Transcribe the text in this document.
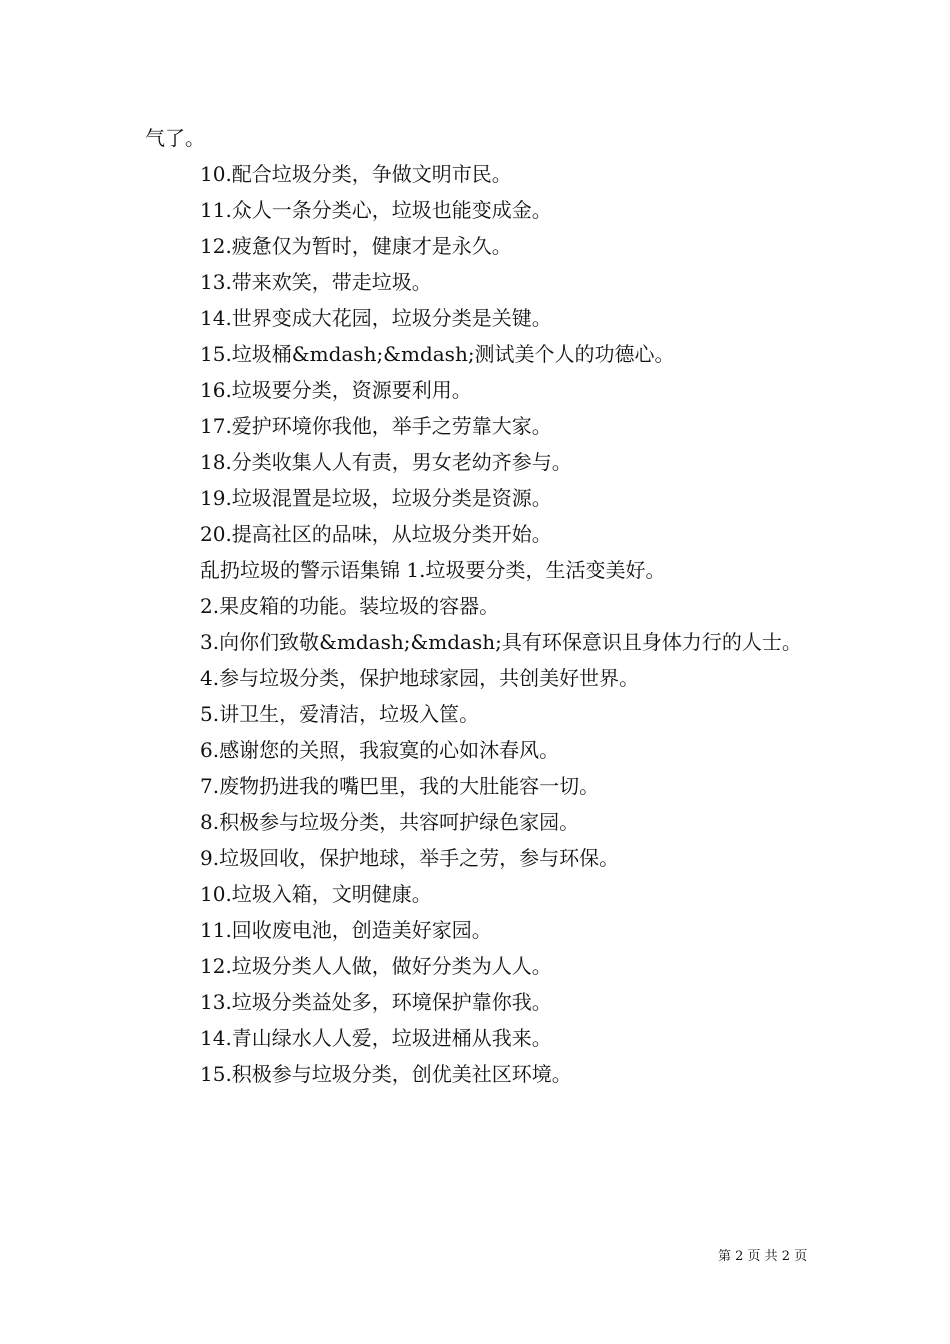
气了。
10.配合垃圾分类，争做文明市民。
11.众人一条分类心，垃圾也能变成金。
12.疲惫仅为暂时，健康才是永久。
13.带来欢笑，带走垃圾。
14.世界变成大花园，垃圾分类是关键。
15.垃圾桶&mdash;&mdash;测试美个人的功德心。
16.垃圾要分类，资源要利用。
17.爱护环境你我他，举手之劳靠大家。
18.分类收集人人有责，男女老幼齐参与。
19.垃圾混置是垃圾，垃圾分类是资源。
20.提高社区的品味，从垃圾分类开始。
乱扔垃圾的警示语集锦 1.垃圾要分类，生活变美好。
2.果皮箱的功能。装垃圾的容器。
3.向你们致敬&mdash;&mdash;具有环保意识且身体力行的人士。
4.参与垃圾分类，保护地球家园，共创美好世界。
5.讲卫生，爱清洁，垃圾入筐。
6.感谢您的关照，我寂寞的心如沐春风。
7.废物扔进我的嘴巴里，我的大肚能容一切。
8.积极参与垃圾分类，共容呵护绿色家园。
9.垃圾回收，保护地球，举手之劳，参与环保。
10.垃圾入箱，文明健康。
11.回收废电池，创造美好家园。
12.垃圾分类人人做，做好分类为人人。
13.垃圾分类益处多，环境保护靠你我。
14.青山绿水人人爱，垃圾进桶从我来。
15.积极参与垃圾分类，创优美社区环境。
第 2 页 共 2 页
